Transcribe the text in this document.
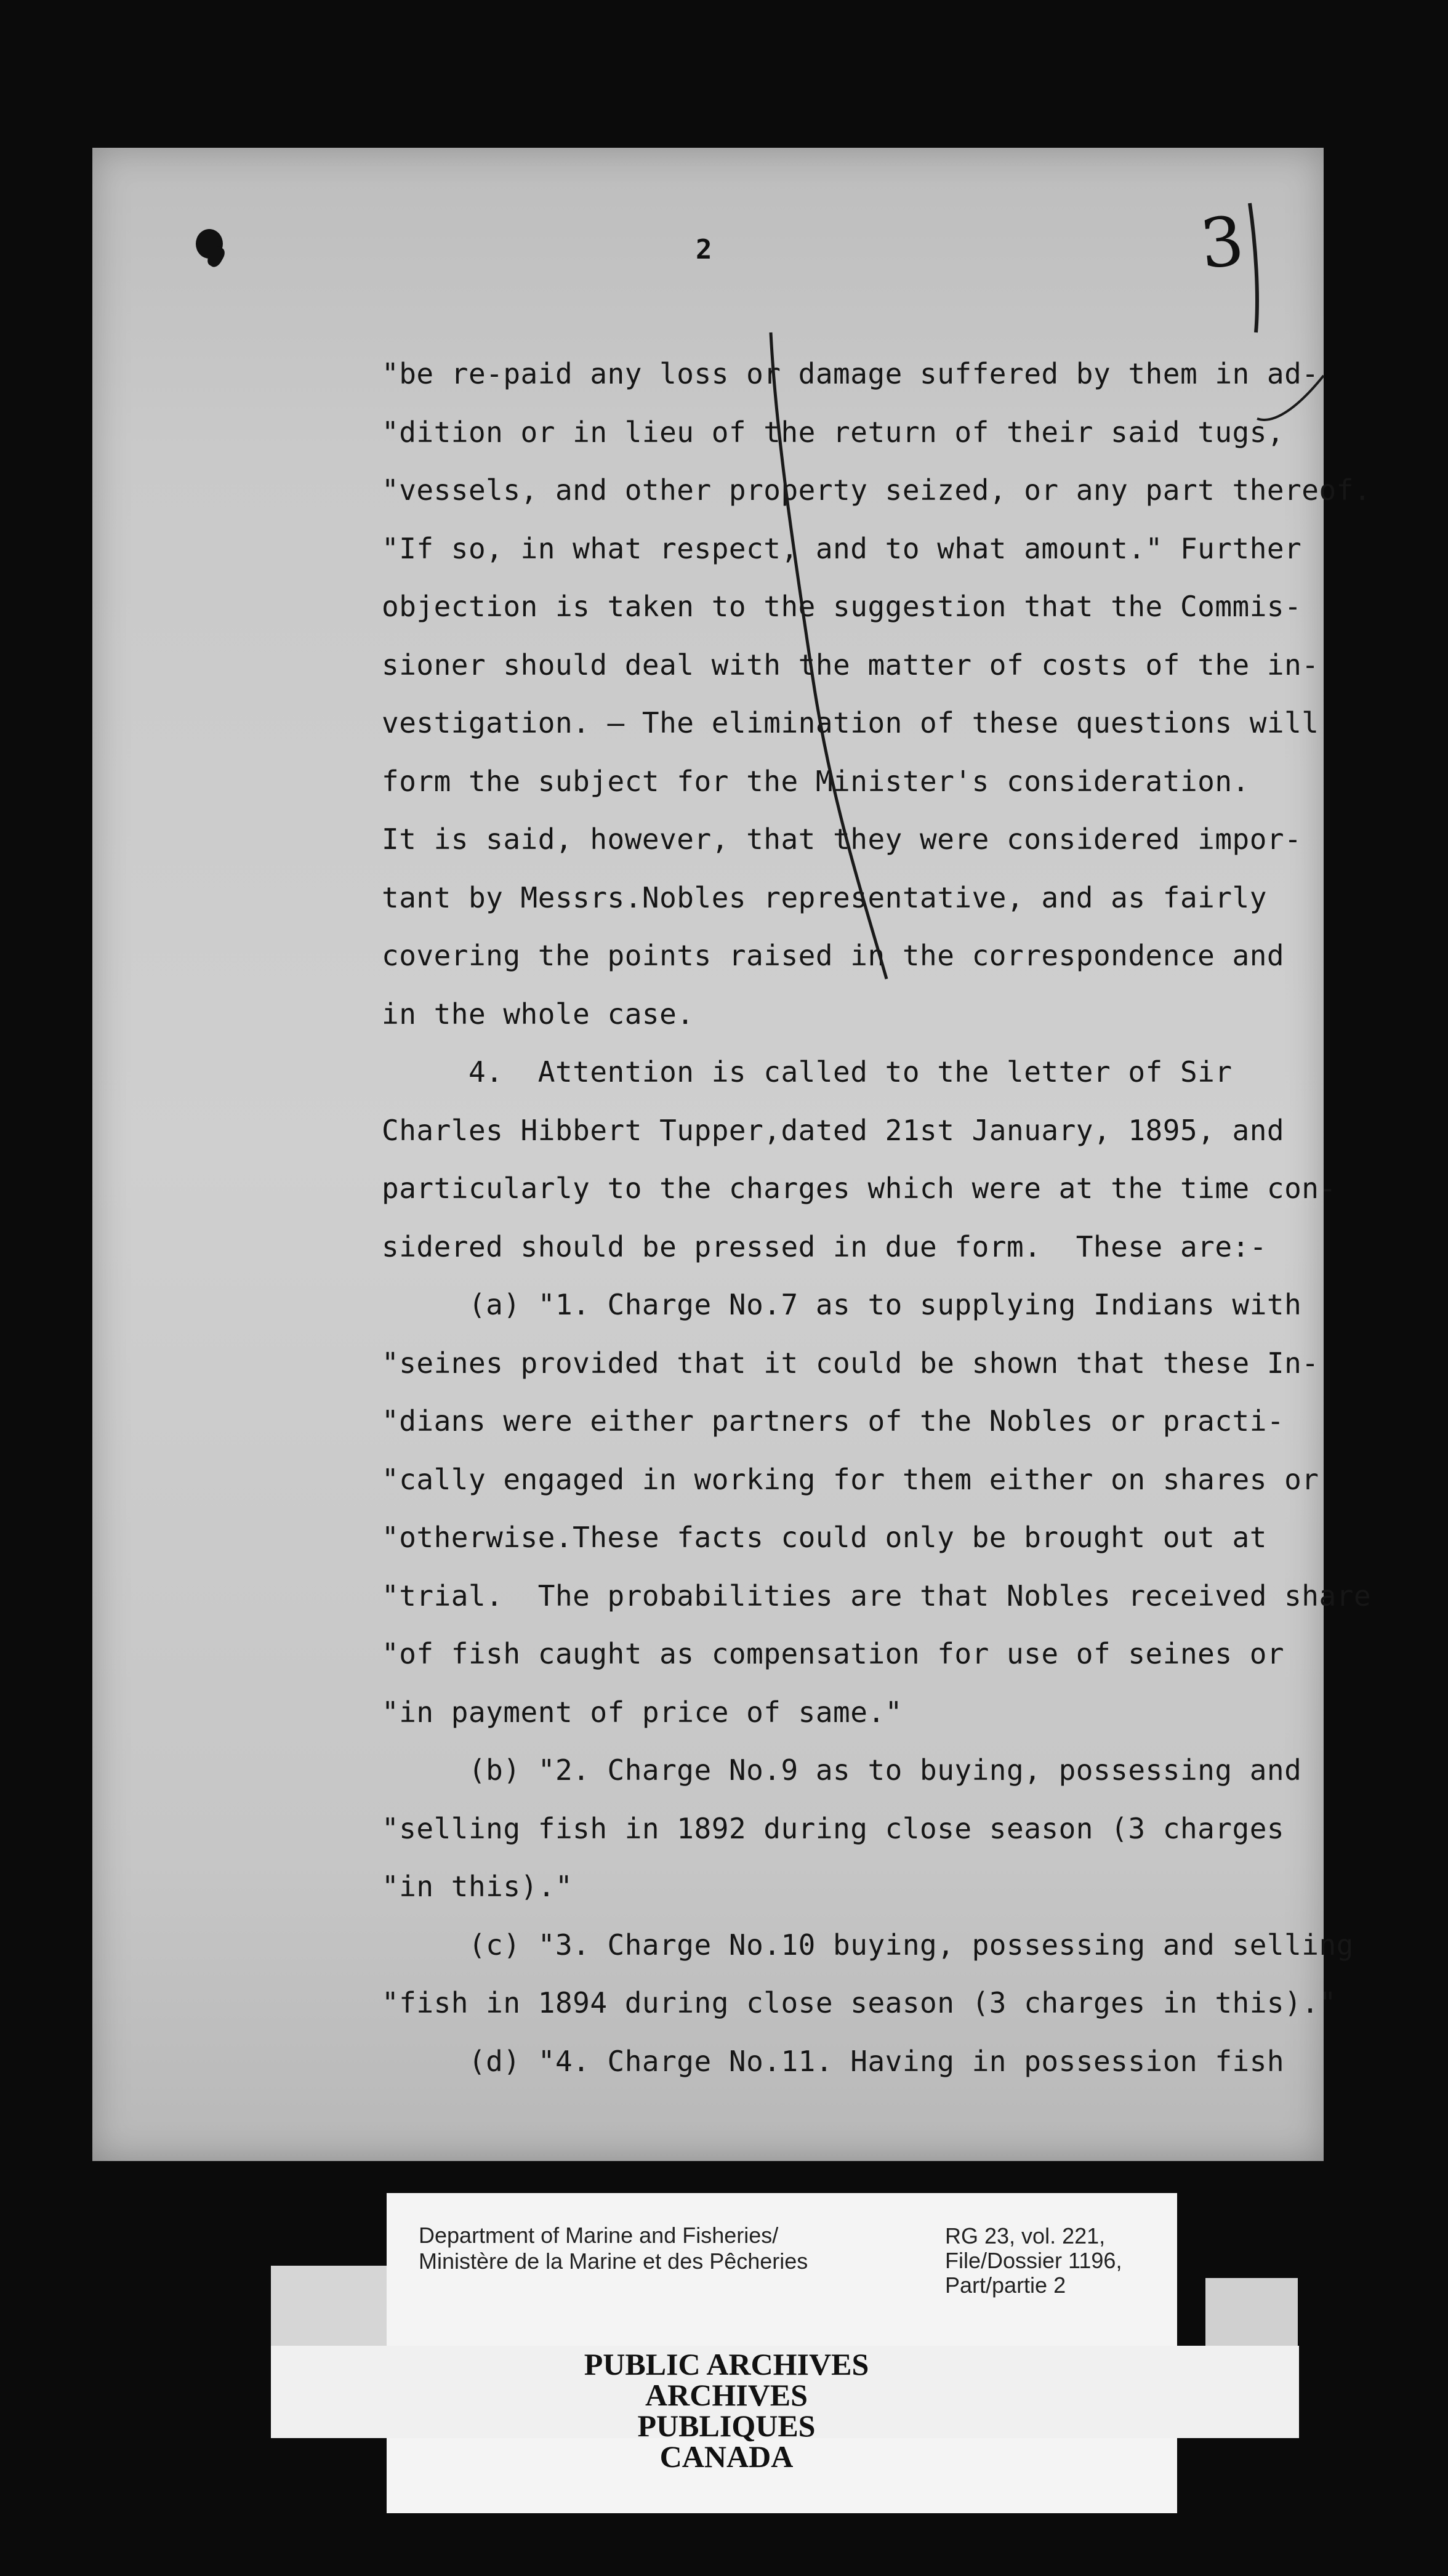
2	3
"be re-paid any loss or damage suffered by them in ad-
"dition or in lieu of the return of their said tugs,
"vessels, and other property seized, or any part thereof.
"If so, in what respect, and to what amount." Further
objection is taken to the suggestion that the Commis-
sioner should deal with the matter of costs of the in-
vestigation. — The elimination of these questions will
form the subject for the Minister's consideration.
It is said, however, that they were considered impor-
tant by Messrs.Nobles representative, and as fairly
covering the points raised in the correspondence and
in the whole case.
4.  Attention is called to the letter of Sir
Charles Hibbert Tupper,dated 21st January, 1895, and
particularly to the charges which were at the time con-
sidered should be pressed in due form.  These are:-
(a) "1. Charge No.7 as to supplying Indians with
"seines provided that it could be shown that these In-
"dians were either partners of the Nobles or practi-
"cally engaged in working for them either on shares or
"otherwise.These facts could only be brought out at
"trial.  The probabilities are that Nobles received share
"of fish caught as compensation for use of seines or
"in payment of price of same."
(b) "2. Charge No.9 as to buying, possessing and
"selling fish in 1892 during close season (3 charges
"in this)."
(c) "3. Charge No.10 buying, possessing and selling
"fish in 1894 during close season (3 charges in this)."
(d) "4. Charge No.11. Having in possession fish
Department of Marine and Fisheries/
Ministère de la Marine et des Pêcheries
RG 23, vol. 221,
File/Dossier 1196,
Part/partie 2
PUBLIC ARCHIVES
ARCHIVES PUBLIQUES
CANADA
